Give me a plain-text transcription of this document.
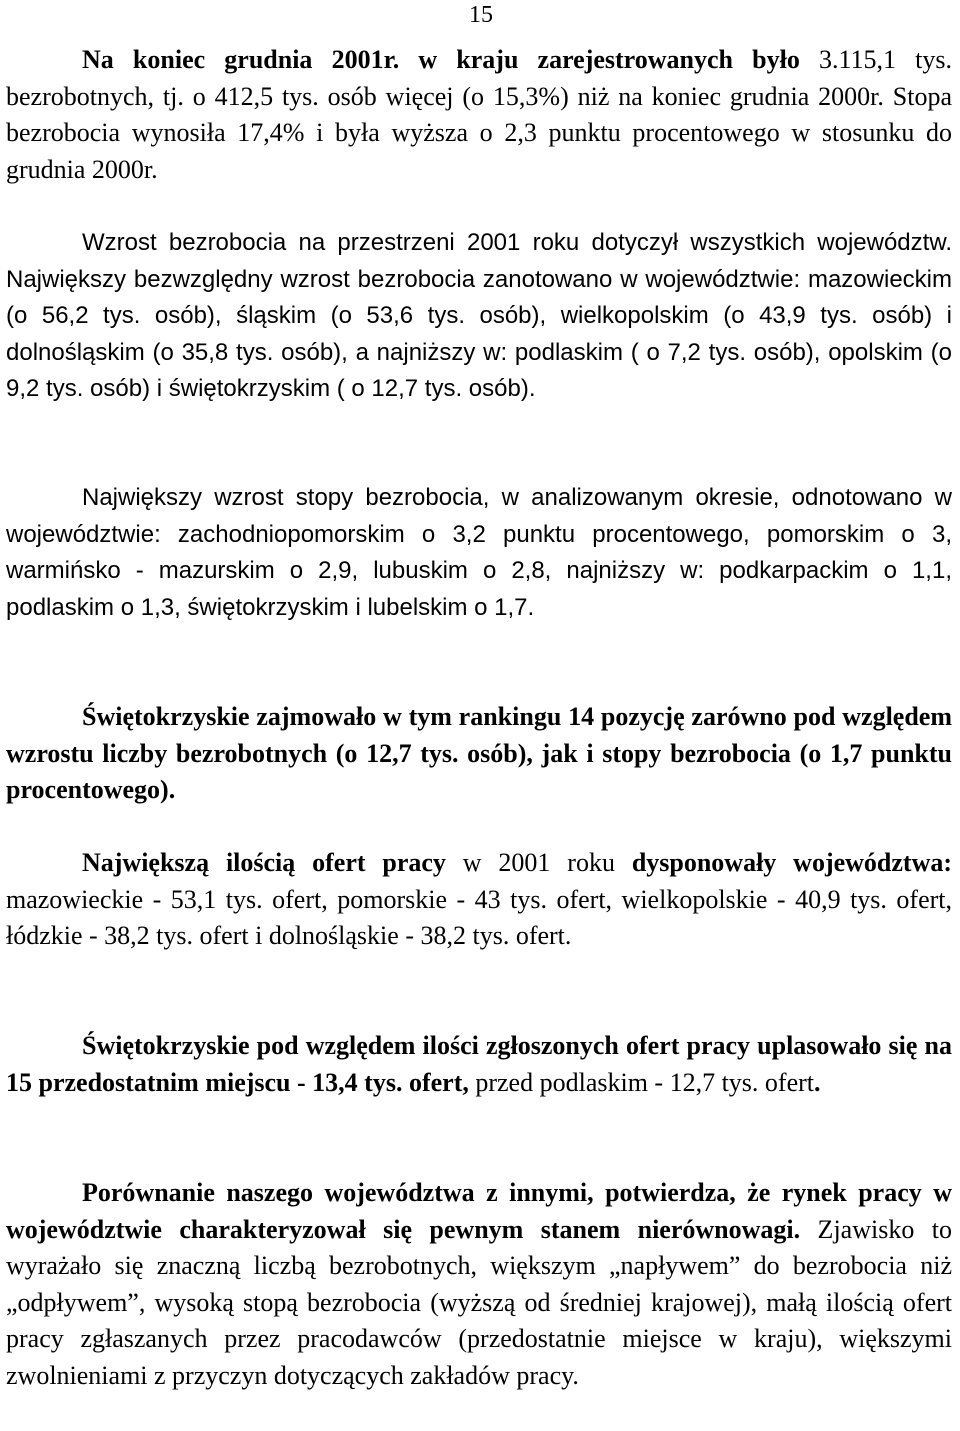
15

Na koniec grudnia 2001r. w kraju zarejestrowanych było 3.115,1 tys. bezrobotnych, tj. o 412,5 tys. osób więcej (o 15,3%) niż na koniec grudnia 2000r. Stopa bezrobocia wynosiła 17,4% i była wyższa o 2,3 punktu procentowego w stosunku do grudnia 2000r.

Wzrost bezrobocia na przestrzeni 2001 roku dotyczył wszystkich województw. Największy bezwzględny wzrost bezrobocia zanotowano w województwie: mazowieckim (o 56,2 tys. osób), śląskim (o 53,6 tys. osób), wielkopolskim (o 43,9 tys. osób) i dolnośląskim (o 35,8 tys. osób), a najniższy w: podlaskim ( o 7,2 tys. osób), opolskim (o 9,2 tys. osób) i świętokrzyskim ( o 12,7 tys. osób).

Największy wzrost stopy bezrobocia, w analizowanym okresie, odnotowano w województwie: zachodniopomorskim o 3,2 punktu procentowego, pomorskim o 3, warmińsko - mazurskim o 2,9, lubuskim o 2,8, najniższy w: podkarpackim o 1,1, podlaskim o 1,3, świętokrzyskim i lubelskim o 1,7.

Świętokrzyskie zajmowało w tym rankingu 14 pozycję zarówno pod względem wzrostu liczby bezrobotnych (o 12,7 tys. osób), jak i stopy bezrobocia (o 1,7 punktu procentowego).

Największą ilością ofert pracy w 2001 roku dysponowały województwa: mazowieckie - 53,1 tys. ofert, pomorskie - 43 tys. ofert, wielkopolskie - 40,9 tys. ofert, łódzkie - 38,2 tys. ofert i dolnośląskie - 38,2 tys. ofert.

Świętokrzyskie pod względem ilości zgłoszonych ofert pracy uplasowało się na 15 przedostatnim miejscu - 13,4 tys. ofert, przed podlaskim - 12,7 tys. ofert.

Porównanie naszego województwa z innymi, potwierdza, że rynek pracy w województwie charakteryzował się pewnym stanem nierównowagi. Zjawisko to wyrażało się znaczną liczbą bezrobotnych, większym „napływem” do bezrobocia niż „odpływem”, wysoką stopą bezrobocia (wyższą od średniej krajowej), małą ilością ofert pracy zgłaszanych przez pracodawców (przedostatnie miejsce w kraju), większymi zwolnieniami z przyczyn dotyczących zakładów pracy.
